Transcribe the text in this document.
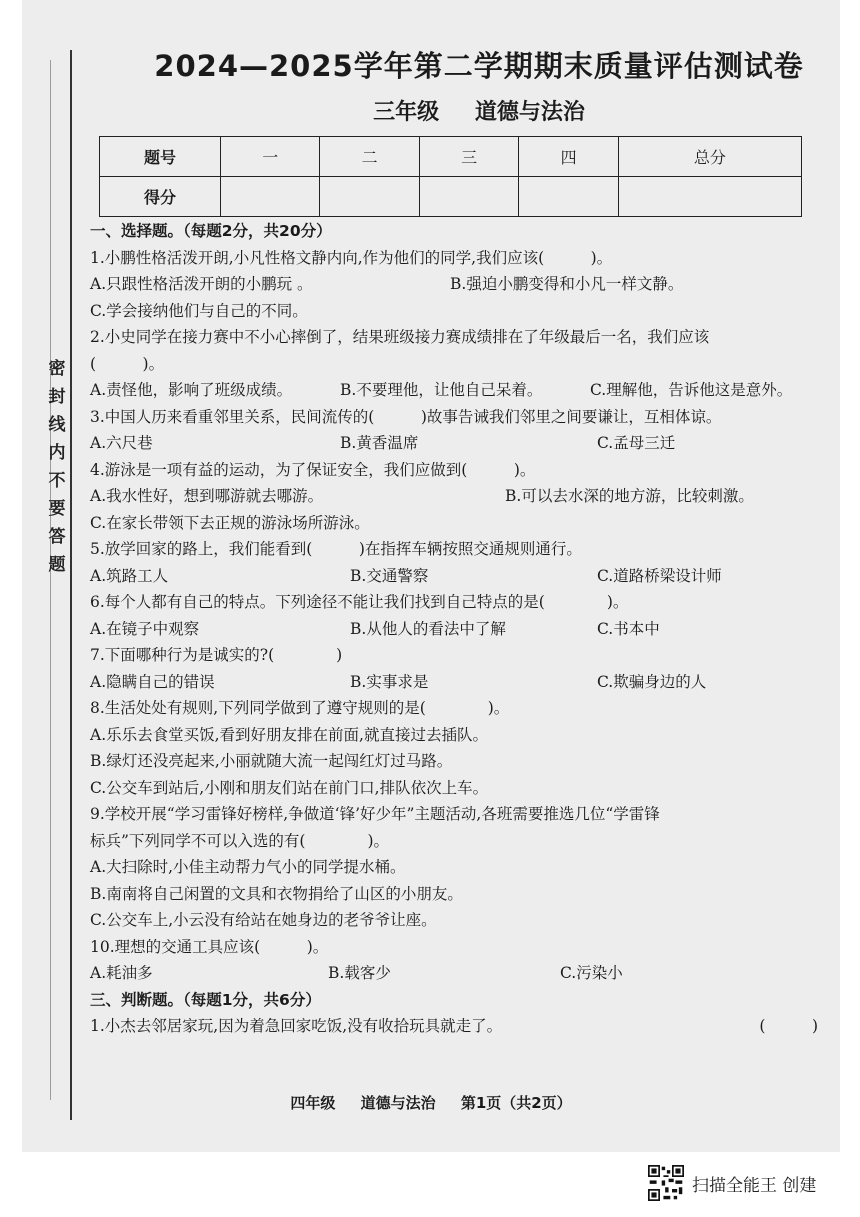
密
封
线
内
不
要
答
题
2024—2025学年第二学期期末质量评估测试卷
三年级 道德与法治
题号	一	二	三	四	总分
得分					
一、选择题。（每题2分，共20分）
1.小鹏性格活泼开朗,小凡性格文静内向,作为他们的同学,我们应该(　　　)。
A.只跟性格活泼开朗的小鹏玩 。	B.强迫小鹏变得和小凡一样文静。
C.学会接纳他们与自己的不同。
2.小史同学在接力赛中不小心摔倒了，结果班级接力赛成绩排在了年级最后一名，我们应该
(　　　)。
A.责怪他，影响了班级成绩。	B.不要理他，让他自己呆着。	C.理解他，告诉他这是意外。
3.中国人历来看重邻里关系，民间流传的(　　　)故事告诫我们邻里之间要谦让，互相体谅。
A.六尺巷	B.黄香温席	C.孟母三迁
4.游泳是一项有益的运动，为了保证安全，我们应做到(　　　)。
A.我水性好，想到哪游就去哪游。	B.可以去水深的地方游，比较刺激。
C.在家长带领下去正规的游泳场所游泳。
5.放学回家的路上，我们能看到(　　　)在指挥车辆按照交通规则通行。
A.筑路工人	B.交通警察	C.道路桥梁设计师
6.每个人都有自己的特点。下列途径不能让我们找到自己特点的是(　　　　)。
A.在镜子中观察	B.从他人的看法中了解	C.书本中
7.下面哪种行为是诚实的?(　　　　)
A.隐瞒自己的错误	B.实事求是	C.欺骗身边的人
8.生活处处有规则,下列同学做到了遵守规则的是(　　　　)。
A.乐乐去食堂买饭,看到好朋友排在前面,就直接过去插队。
B.绿灯还没亮起来,小丽就随大流一起闯红灯过马路。
C.公交车到站后,小刚和朋友们站在前门口,排队依次上车。
9.学校开展“学习雷锋好榜样,争做道‘锋’好少年”主题活动,各班需要推选几位“学雷锋
标兵”下列同学不可以入选的有(　　　　)。
A.大扫除时,小佳主动帮力气小的同学提水桶。
B.南南将自己闲置的文具和衣物捐给了山区的小朋友。
C.公交车上,小云没有给站在她身边的老爷爷让座。
10.理想的交通工具应该(　　　)。
A.耗油多	B.载客少	C.污染小
三、判断题。（每题1分，共6分）
1.小杰去邻居家玩,因为着急回家吃饭,没有收拾玩具就走了。	(　　　)
四年级 道德与法治 第1页（共2页）
扫描全能王 创建
